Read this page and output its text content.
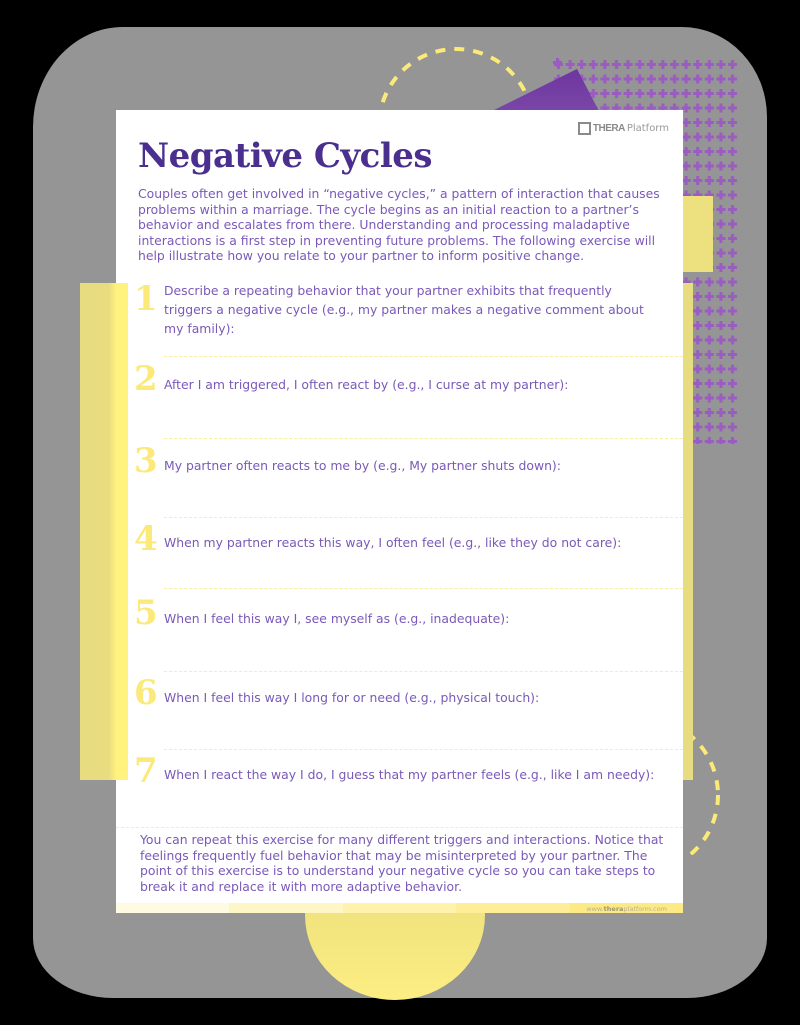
THERA Platform
Negative Cycles

Couples often get involved in “negative cycles,” a pattern of interaction that causes problems within a marriage. The cycle begins as an initial reaction to a partner’s behavior and escalates from there. Understanding and processing maladaptive interactions is a first step in preventing future problems. The following exercise will help illustrate how you relate to your partner to inform positive change.

1 Describe a repeating behavior that your partner exhibits that frequently triggers a negative cycle (e.g., my partner makes a negative comment about my family):
2 After I am triggered, I often react by (e.g., I curse at my partner):
3 My partner often reacts to me by (e.g., My partner shuts down):
4 When my partner reacts this way, I often feel (e.g., like they do not care):
5 When I feel this way I, see myself as (e.g., inadequate):
6 When I feel this way I long for or need (e.g., physical touch):
7 When I react the way I do, I guess that my partner feels (e.g., like I am needy):

You can repeat this exercise for many different triggers and interactions. Notice that feelings frequently fuel behavior that may be misinterpreted by your partner. The point of this exercise is to understand your negative cycle so you can take steps to break it and replace it with more adaptive behavior.

www.theraplatform.com
